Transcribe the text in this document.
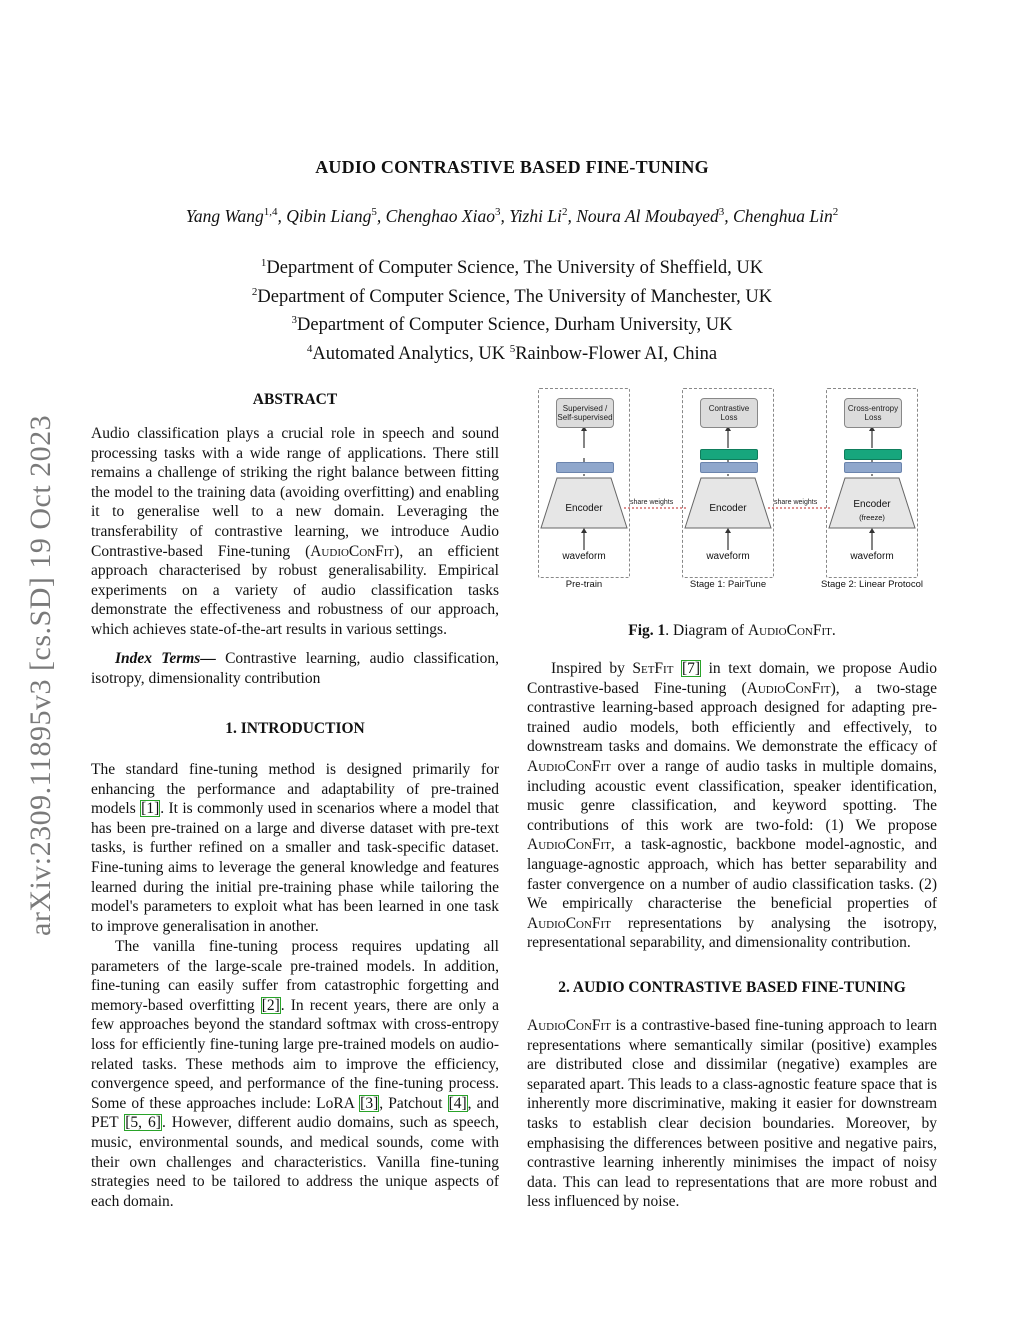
arXiv:2309.11895v3 [cs.SD] 19 Oct 2023
AUDIO CONTRASTIVE BASED FINE-TUNING
Yang Wang$^{1,4}$, Qibin Liang$^5$, Chenghao Xiao$^3$, Yizhi Li$^2$, Noura Al Moubayed$^3$, Chenghua Lin$^2$
$^1$Department of Computer Science, The University of Sheffield, UK
$^2$Department of Computer Science, The University of Manchester, UK
$^3$Department of Computer Science, Durham University, UK
$^4$Automated Analytics, UK $^5$Rainbow-Flower AI, China
ABSTRACT
Audio classification plays a crucial role in speech and sound processing tasks with a wide range of applications. There still remains a challenge of striking the right balance between fitting the model to the training data (avoiding overfitting) and enabling it to generalise well to a new domain. Leveraging the transferability of contrastive learning, we introduce Audio Contrastive-based Fine-tuning (AudioConFit), an efficient approach characterised by robust generalisability. Empirical experiments on a variety of audio classification tasks demonstrate the effectiveness and robustness of our approach, which achieves state-of-the-art results in various settings.
Index Terms— Contrastive learning, audio classification, isotropy, dimensionality contribution
1. INTRODUCTION
The standard fine-tuning method is designed primarily for enhancing the performance and adaptability of pre-trained models [1]. It is commonly used in scenarios where a model that has been pre-trained on a large and diverse dataset with pre-text tasks, is further refined on a smaller and task-specific dataset. Fine-tuning aims to leverage the general knowledge and features learned during the initial pre-training phase while tailoring the model's parameters to exploit what has been learned in one task to improve generalisation in another.
The vanilla fine-tuning process requires updating all parameters of the large-scale pre-trained models. In addition, fine-tuning can easily suffer from catastrophic forgetting and memory-based overfitting [2]. In recent years, there are only a few approaches beyond the standard softmax with cross-entropy loss for efficiently fine-tuning large pre-trained models on audio-related tasks. These methods aim to improve the efficiency, convergence speed, and performance of the fine-tuning process. Some of these approaches include: LoRA [3], Patchout [4], and PET [5, 6]. However, different audio domains, such as speech, music, environmental sounds, and medical sounds, come with their own challenges and characteristics. Vanilla fine-tuning strategies need to be tailored to address the unique aspects of each domain.
Supervised / Self-supervised
Encoder
waveform
Pre-train
Contrastive Loss
Encoder
waveform
Stage 1: PairTune
Cross-entropy Loss
Encoder
(freeze)
waveform
Stage 2: Linear Protocol
share weights	share weights
Fig. 1. Diagram of AudioConFit.
Inspired by SetFit [7] in text domain, we propose Audio Contrastive-based Fine-tuning (AudioConFit), a two-stage contrastive learning-based approach designed for adapting pre-trained audio models, both efficiently and effectively, to downstream tasks and domains. We demonstrate the efficacy of AudioConFit over a range of audio tasks in multiple domains, including acoustic event classification, speaker identification, music genre classification, and keyword spotting. The contributions of this work are two-fold: (1) We propose AudioConFit, a task-agnostic, backbone model-agnostic, and language-agnostic approach, which has better separability and faster convergence on a number of audio classification tasks. (2) We empirically characterise the beneficial properties of AudioConFit representations by analysing the isotropy, representational separability, and dimensionality contribution.
2. AUDIO CONTRASTIVE BASED FINE-TUNING
AudioConFit is a contrastive-based fine-tuning approach to learn representations where semantically similar (positive) examples are distributed close and dissimilar (negative) examples are separated apart. This leads to a class-agnostic feature space that is inherently more discriminative, making it easier for downstream tasks to establish clear decision boundaries. Moreover, by emphasising the differences between positive and negative pairs, contrastive learning inherently minimises the impact of noisy data. This can lead to representations that are more robust and less influenced by noise.
